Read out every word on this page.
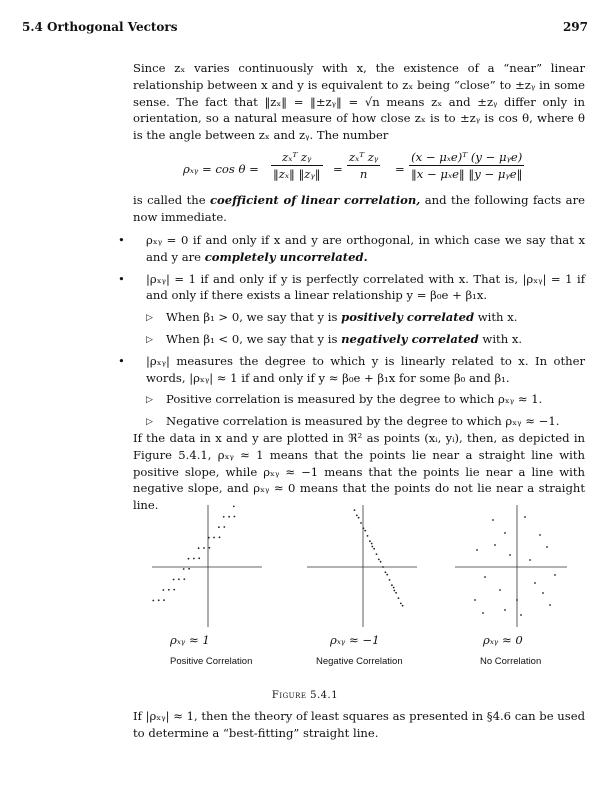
5.4 Orthogonal Vectors	297

Since zₓ varies continuously with x, the existence of a “near” linear relationship between x and y is equivalent to zₓ being “close” to ±zᵧ in some sense. The fact that ‖zₓ‖ = ‖±zᵧ‖ = √n means zₓ and ±zᵧ differ only in orientation, so a natural measure of how close zₓ is to ±zᵧ is cos θ, where θ is the angle between zₓ and zᵧ. The number

ρₓᵧ = cos θ =
zₓᵀ zᵧ
‖zₓ‖ ‖zᵧ‖ =
zₓᵀ zᵧ
n	=
(x − μₓe)ᵀ (y − μᵧe)
‖x − μₓe‖ ‖y − μᵧe‖

is called the coefficient of linear correlation, and the following facts are now immediate.

• ρₓᵧ = 0 if and only if x and y are orthogonal, in which case we say that x and y are completely uncorrelated.
• |ρₓᵧ| = 1 if and only if y is perfectly correlated with x. That is, |ρₓᵧ| = 1 if and only if there exists a linear relationship y = β₀e + β₁x.
▷ When β₁ > 0, we say that y is positively correlated with x.
▷ When β₁ < 0, we say that y is negatively correlated with x.
• |ρₓᵧ| measures the degree to which y is linearly related to x. In other words, |ρₓᵧ| ≈ 1 if and only if y ≈ β₀e + β₁x for some β₀ and β₁.
▷ Positive correlation is measured by the degree to which ρₓᵧ ≈ 1.
▷ Negative correlation is measured by the degree to which ρₓᵧ ≈ −1.

If the data in x and y are plotted in ℜ² as points (xᵢ, yᵢ), then, as depicted in Figure 5.4.1, ρₓᵧ ≈ 1 means that the points lie near a straight line with positive slope, while ρₓᵧ ≈ −1 means that the points lie near a line with negative slope, and ρₓᵧ ≈ 0 means that the points do not lie near a straight line.

ρₓᵧ ≈ 1	ρₓᵧ ≈ −1	ρₓᵧ ≈ 0
Positive Correlation	Negative Correlation	No Correlation
Figure 5.4.1

If |ρₓᵧ| ≈ 1, then the theory of least squares as presented in §4.6 can be used to determine a “best-fitting” straight line.
